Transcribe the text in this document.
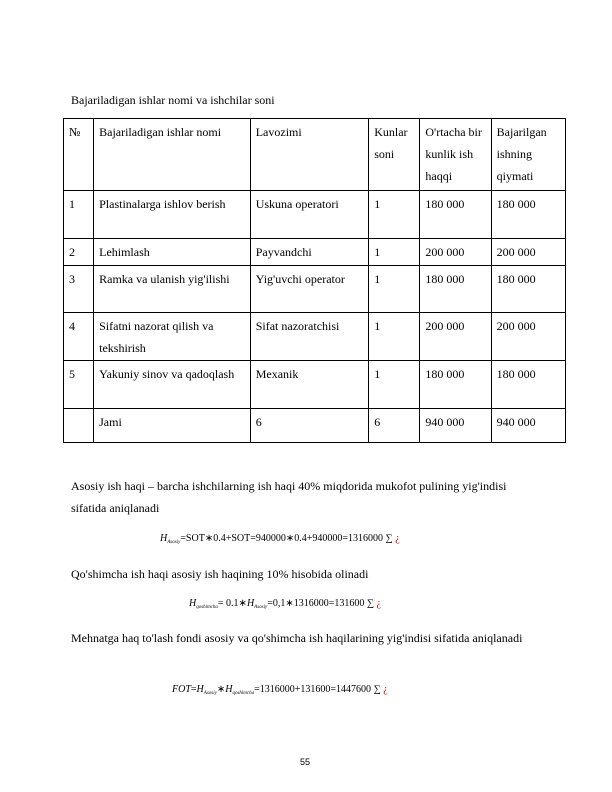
Bajariladigan ishlar nomi va ishchilar soni
№	Bajariladigan ishlar nomi	Lavozimi	Kunlar soni	O'rtacha bir kunlik ish haqqi	Bajarilgan ishning qiymati
1	Plastinalarga ishlov berish	Uskuna operatori	1	180 000	180 000
2	Lehimlash	Payvandchi	1	200 000	200 000
3	Ramka va ulanish yig'ilishi	Yig'uvchi operator	1	180 000	180 000
4	Sifatni nazorat qilish va tekshirish	Sifat nazoratchisi	1	200 000	200 000
5	Yakuniy sinov va qadoqlash	Mexanik	1	180 000	180 000
	Jami	6	6	940 000	940 000
Asosiy ish haqi – barcha ishchilarning ish haqi 40% miqdorida mukofot pulining yig'indisi sifatida aniqlanadi
$H_{Asosiy}=SOT∗0.4+SOT=940000∗0.4+940000=1316000$ ∑ ¿
Qo'shimcha ish haqi asosiy ish haqining 10% hisobida olinadi
$H_{qoshimcha}=$ $0.1∗H_{Asosiy}=0,1∗1316000=131600$ ∑ ¿
Mehnatga haq to'lash fondi asosiy va qo'shimcha ish haqilarining yig'indisi sifatida aniqlanadi
$FOT=H_{Asosiy}∗H_{qoshimcha}=1316000+131600=1447600$ ∑ ¿
55
